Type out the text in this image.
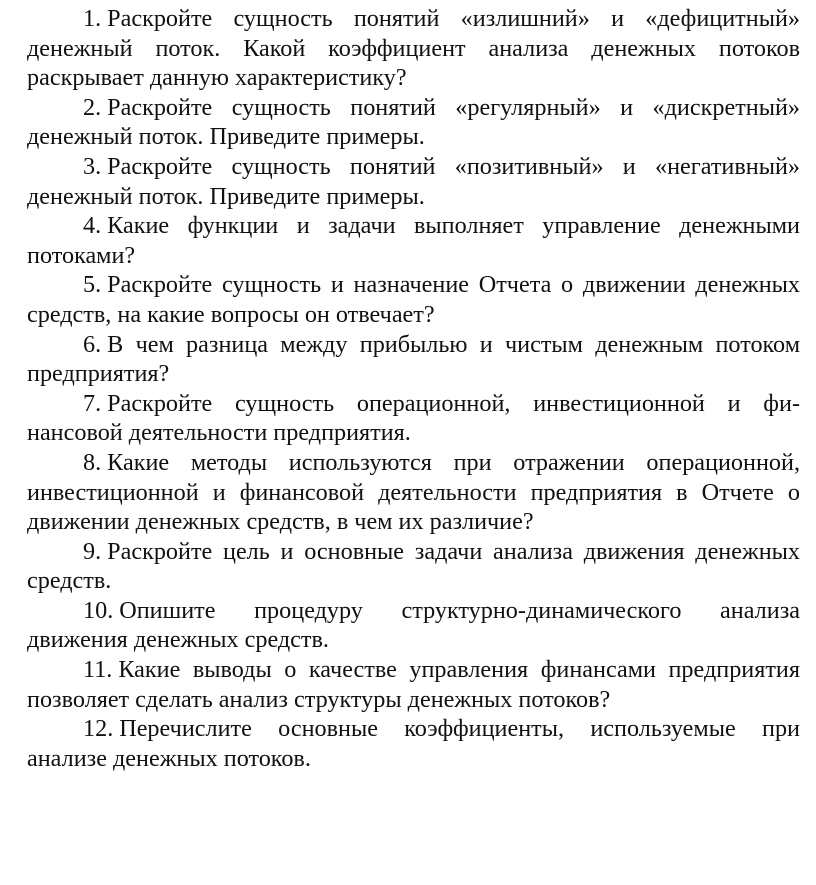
1. Раскройте сущность понятий «излишний» и «дефицитный» денежный поток. Какой коэффициент анализа денежных потоков раскрывает данную характеристику?

2. Раскройте сущность понятий «регулярный» и «дискретный» денежный поток. Приведите примеры.

3. Раскройте сущность понятий «позитивный» и «негативный» денежный поток. Приведите примеры.

4. Какие функции и задачи выполняет управление денежными потоками?

5. Раскройте сущность и назначение Отчета о движении денежных средств, на какие вопросы он отвечает?

6. В чем разница между прибылью и чистым денежным потоком предприятия?

7. Раскройте сущность операционной, инвестиционной и финансовой деятельности предприятия.

8. Какие методы используются при отражении операционной, инвестиционной и финансовой деятельности предприятия в Отчете о движении денежных средств, в чем их различие?

9. Раскройте цель и основные задачи анализа движения денежных средств.

10. Опишите процедуру структурно-динамического анализа движения денежных средств.

11. Какие выводы о качестве управления финансами предприятия позволяет сделать анализ структуры денежных потоков?

12. Перечислите основные коэффициенты, используемые при анализе денежных потоков.
